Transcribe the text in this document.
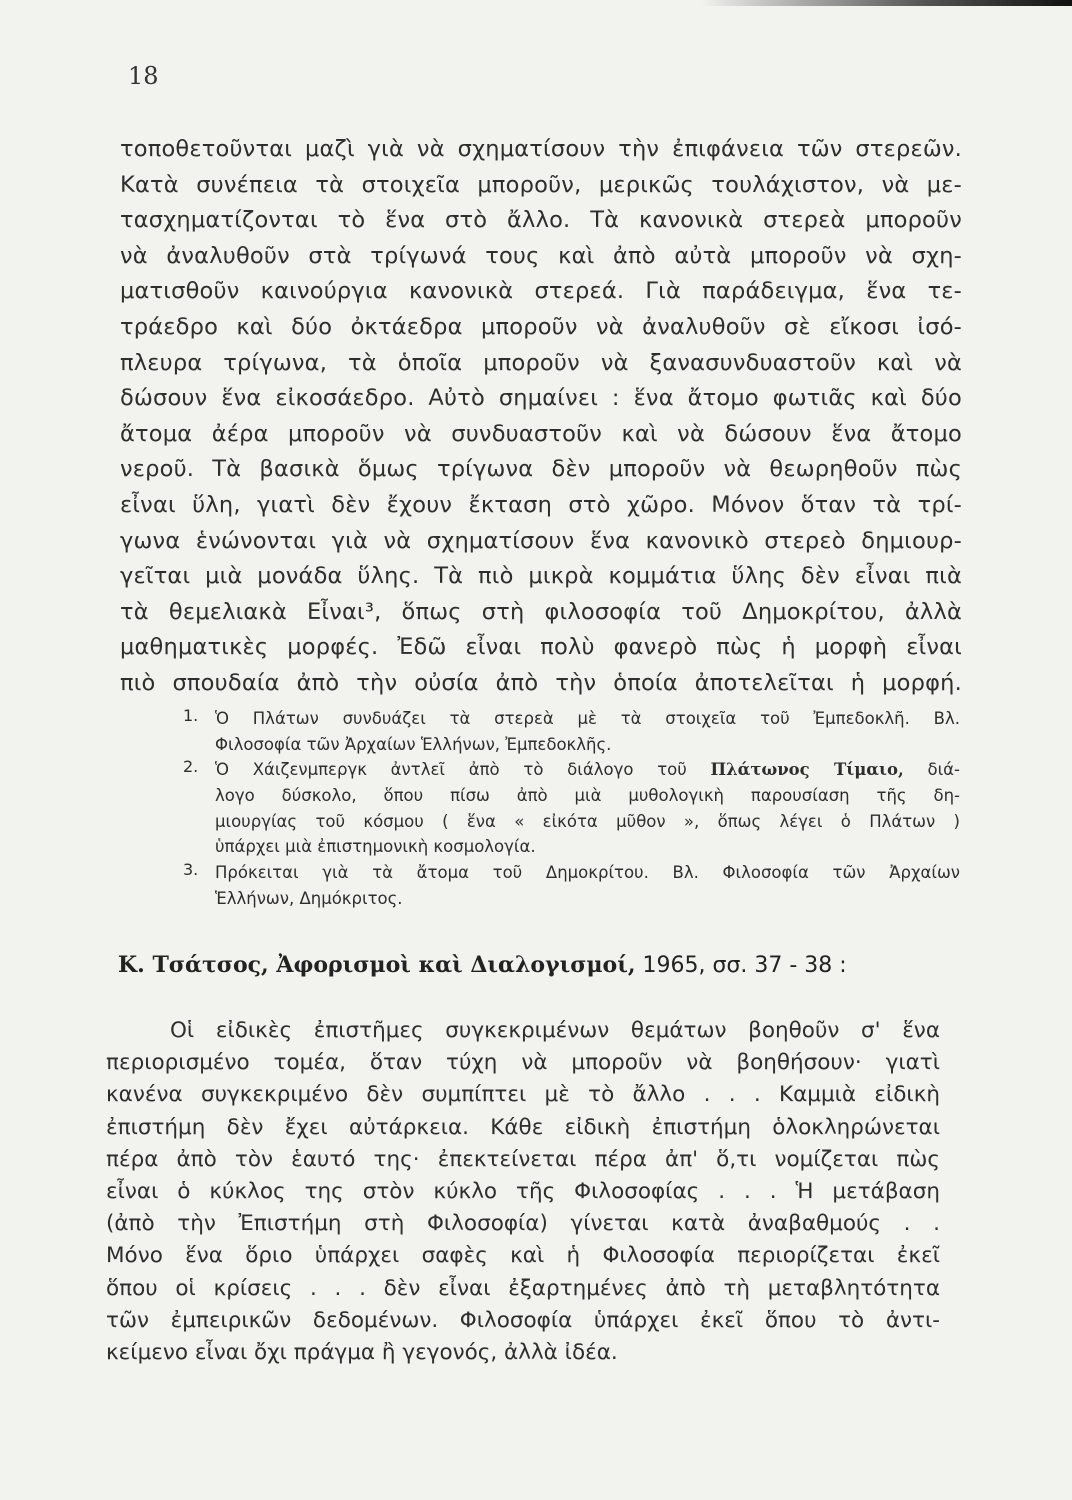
18
τοποθετοῦνται μαζὶ γιὰ νὰ σχηματίσουν τὴν ἐπιφάνεια τῶν στερεῶν.
Κατὰ συνέπεια τὰ στοιχεῖα μποροῦν, μερικῶς τουλάχιστον, νὰ με-
τασχηματίζονται τὸ ἕνα στὸ ἄλλο. Τὰ κανονικὰ στερεὰ μποροῦν
νὰ ἀναλυθοῦν στὰ τρίγωνά τους καὶ ἀπὸ αὐτὰ μποροῦν νὰ σχη-
ματισθοῦν καινούργια κανονικὰ στερεά. Γιὰ παράδειγμα, ἕνα τε-
τράεδρο καὶ δύο ὀκτάεδρα μποροῦν νὰ ἀναλυθοῦν σὲ εἴκοσι ἰσό-
πλευρα τρίγωνα, τὰ ὁποῖα μποροῦν νὰ ξανασυνδυαστοῦν καὶ νὰ
δώσουν ἕνα εἰκοσάεδρο. Αὐτὸ σημαίνει : ἕνα ἄτομο φωτιᾶς καὶ δύο
ἄτομα ἀέρα μποροῦν νὰ συνδυαστοῦν καὶ νὰ δώσουν ἕνα ἄτομο
νεροῦ. Τὰ βασικὰ ὅμως τρίγωνα δὲν μποροῦν νὰ θεωρηθοῦν πὼς
εἶναι ὕλη, γιατὶ δὲν ἔχουν ἔκταση στὸ χῶρο. Μόνον ὅταν τὰ τρί-
γωνα ἑνώνονται γιὰ νὰ σχηματίσουν ἕνα κανονικὸ στερεὸ δημιουρ-
γεῖται μιὰ μονάδα ὕλης. Τὰ πιὸ μικρὰ κομμάτια ὕλης δὲν εἶναι πιὰ
τὰ θεμελιακὰ Εἶναι³, ὅπως στὴ φιλοσοφία τοῦ Δημοκρίτου, ἀλλὰ
μαθηματικὲς μορφές. Ἐδῶ εἶναι πολὺ φανερὸ πὼς ἡ μορφὴ εἶναι
πιὸ σπουδαία ἀπὸ τὴν οὐσία ἀπὸ τὴν ὁποία ἀποτελεῖται ἡ μορφή.
1. Ὁ Πλάτων συνδυάζει τὰ στερεὰ μὲ τὰ στοιχεῖα τοῦ Ἐμπεδοκλῆ. Βλ.
Φιλοσοφία τῶν Ἀρχαίων Ἑλλήνων, Ἐμπεδοκλῆς.
2. Ὁ Χάιζενμπεργκ ἀντλεῖ ἀπὸ τὸ διάλογο τοῦ Πλάτωνος Τίμαιο, διά-
λογο δύσκολο, ὅπου πίσω ἀπὸ μιὰ μυθολογικὴ παρουσίαση τῆς δη-
μιουργίας τοῦ κόσμου ( ἕνα « εἰκότα μῦθον », ὅπως λέγει ὁ Πλάτων )
ὑπάρχει μιὰ ἐπιστημονικὴ κοσμολογία.
3. Πρόκειται γιὰ τὰ ἄτομα τοῦ Δημοκρίτου. Βλ. Φιλοσοφία τῶν Ἀρχαίων
Ἑλλήνων, Δημόκριτος.
Κ. Τσάτσος, Ἀφορισμοὶ καὶ Διαλογισμοί, 1965, σσ. 37 - 38 :
Οἱ εἰδικὲς ἐπιστῆμες συγκεκριμένων θεμάτων βοηθοῦν σ' ἕνα
περιορισμένο τομέα, ὅταν τύχη νὰ μποροῦν νὰ βοηθήσουν· γιατὶ
κανένα συγκεκριμένο δὲν συμπίπτει μὲ τὸ ἄλλο . . . Καμμιὰ εἰδικὴ
ἐπιστήμη δὲν ἔχει αὐτάρκεια. Κάθε εἰδικὴ ἐπιστήμη ὁλοκληρώνεται
πέρα ἀπὸ τὸν ἑαυτό της· ἐπεκτείνεται πέρα ἀπ' ὅ,τι νομίζεται πὼς
εἶναι ὁ κύκλος της στὸν κύκλο τῆς Φιλοσοφίας . . . Ἡ μετάβαση
(ἀπὸ τὴν Ἐπιστήμη στὴ Φιλοσοφία) γίνεται κατὰ ἀναβαθμούς . .
Μόνο ἕνα ὅριο ὑπάρχει σαφὲς καὶ ἡ Φιλοσοφία περιορίζεται ἐκεῖ
ὅπου οἱ κρίσεις . . . δὲν εἶναι ἐξαρτημένες ἀπὸ τὴ μεταβλητότητα
τῶν ἐμπειρικῶν δεδομένων. Φιλοσοφία ὑπάρχει ἐκεῖ ὅπου τὸ ἀντι-
κείμενο εἶναι ὄχι πράγμα ἢ γεγονός, ἀλλὰ ἰδέα.
